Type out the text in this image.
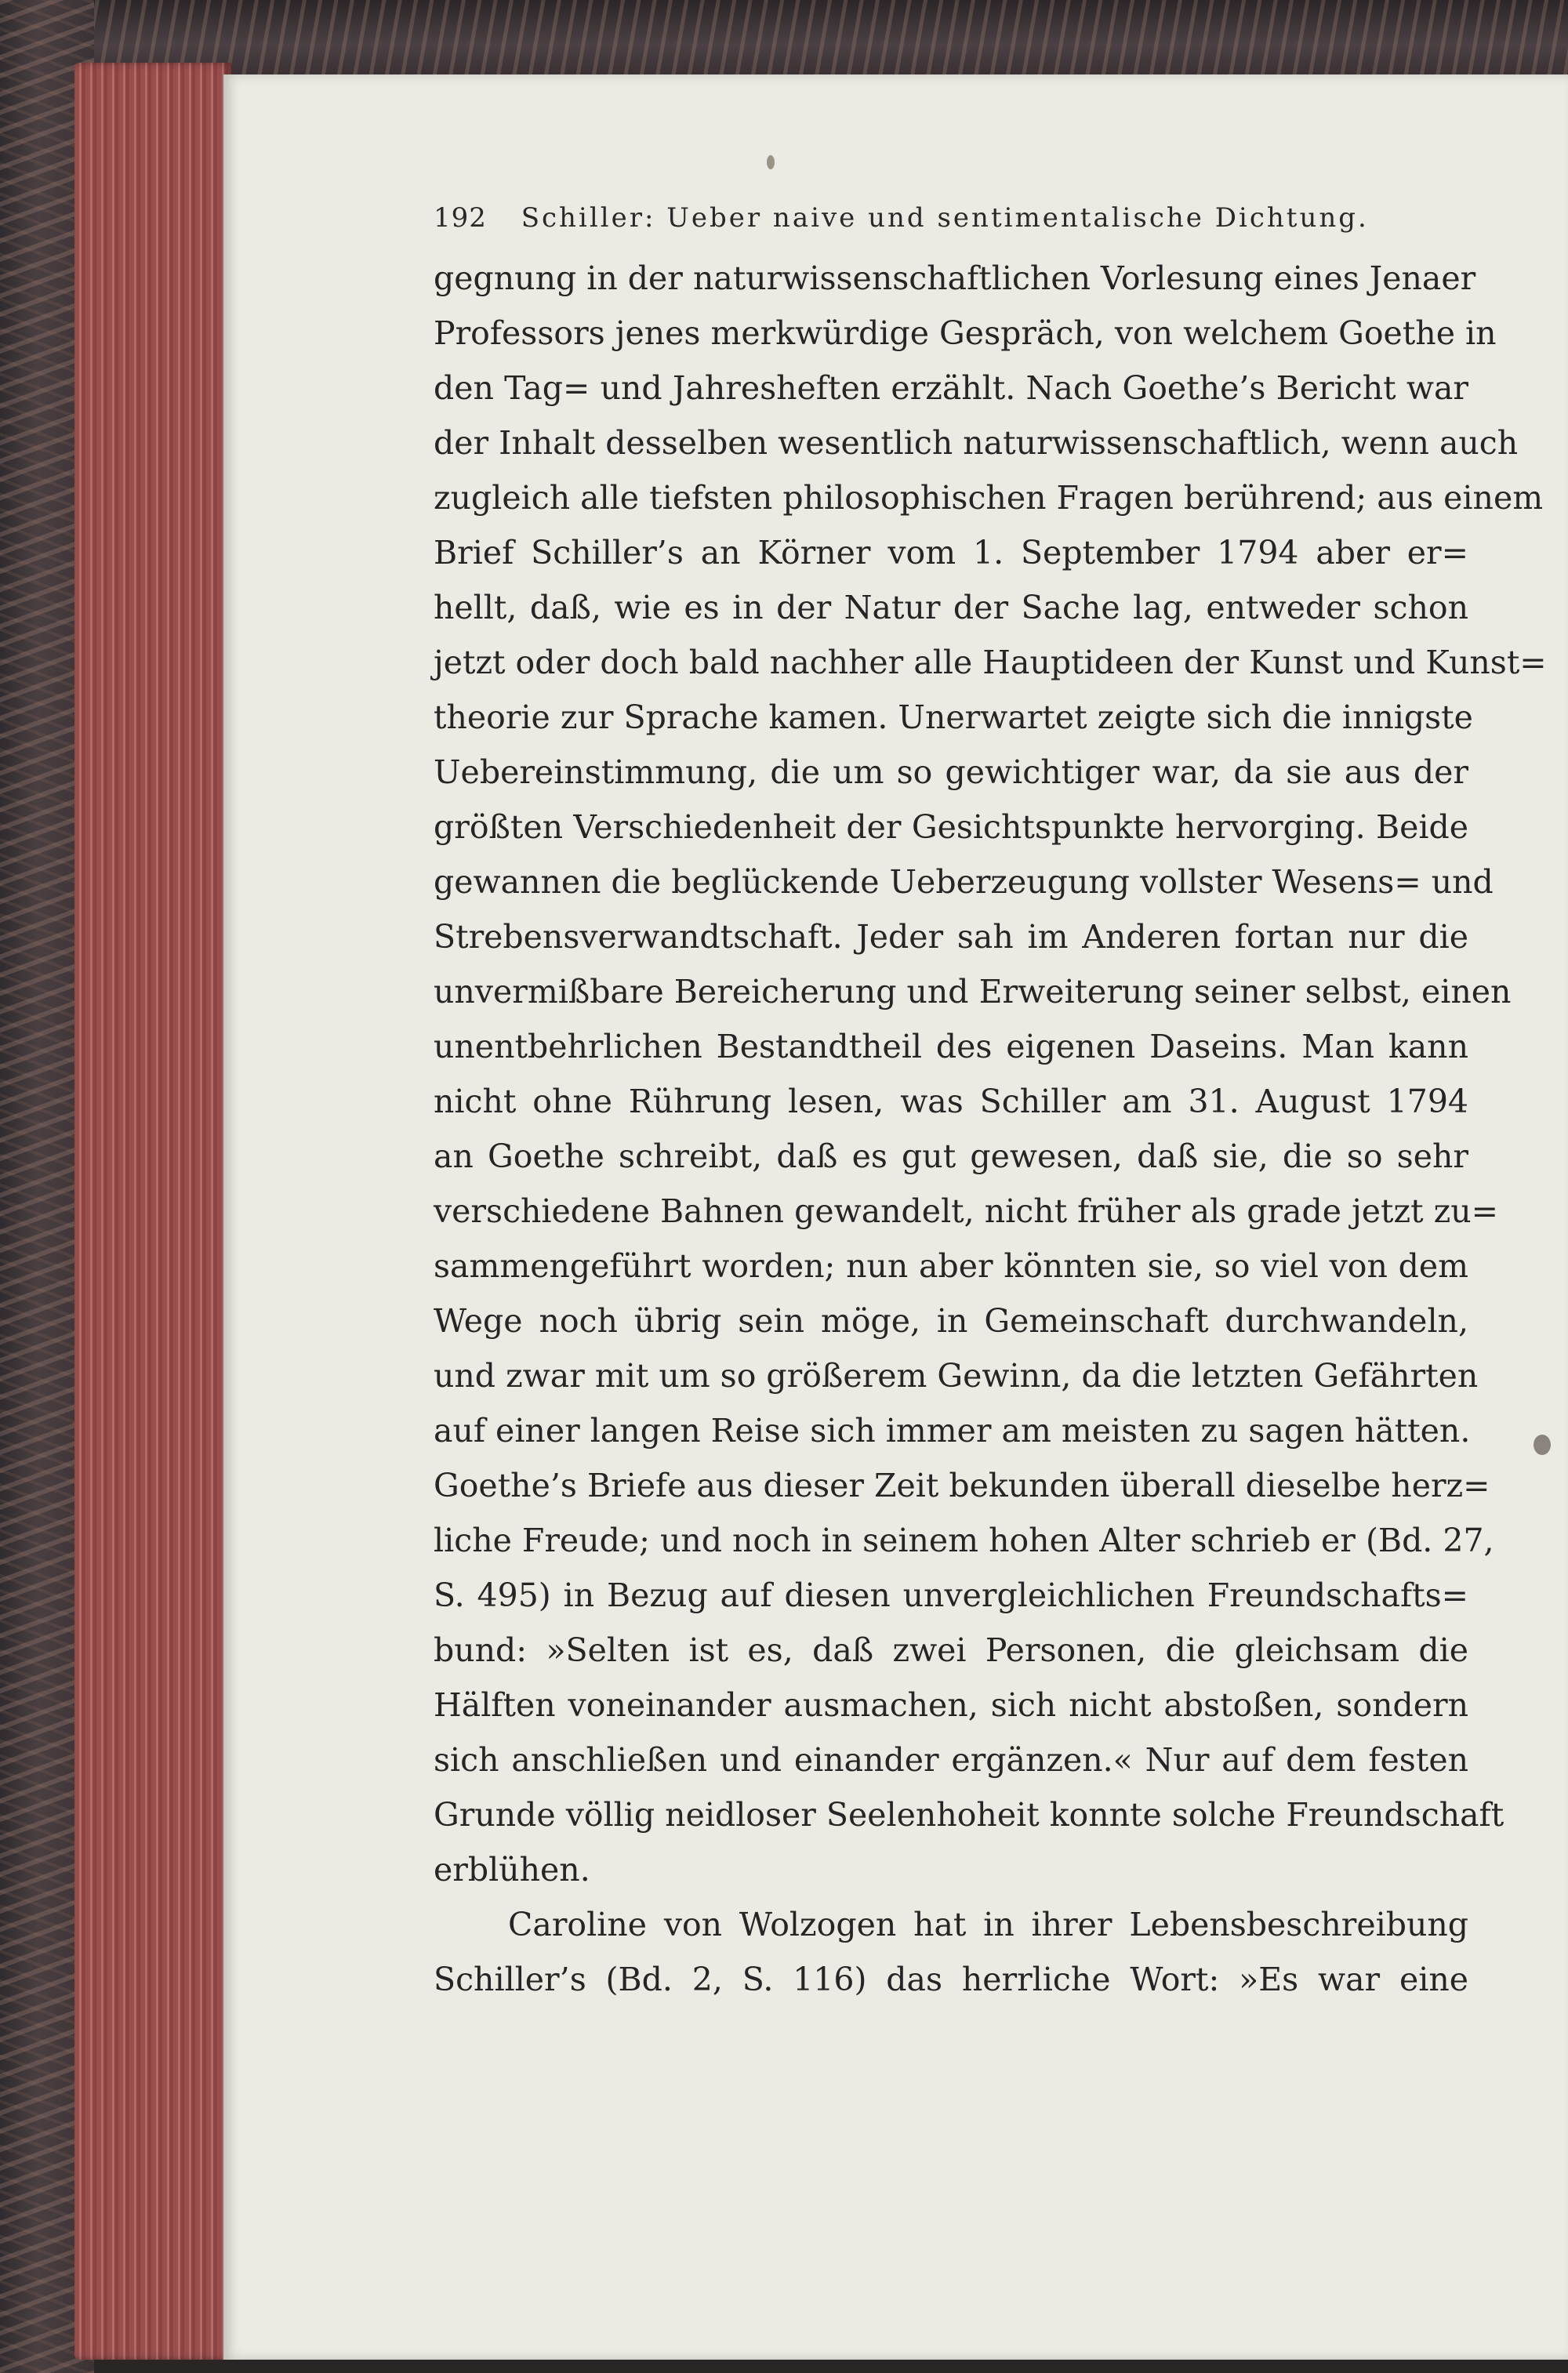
192 Schiller: Ueber naive und sentimentalische Dichtung.
gegnung in der naturwissenschaftlichen Vorlesung eines Jenaer
Professors jenes merkwürdige Gespräch, von welchem Goethe in
den Tag= und Jahresheften erzählt. Nach Goethe’s Bericht war
der Inhalt desselben wesentlich naturwissenschaftlich, wenn auch
zugleich alle tiefsten philosophischen Fragen berührend; aus einem
Brief Schiller’s an Körner vom 1. September 1794 aber er=
hellt, daß, wie es in der Natur der Sache lag, entweder schon
jetzt oder doch bald nachher alle Hauptideen der Kunst und Kunst=
theorie zur Sprache kamen. Unerwartet zeigte sich die innigste
Uebereinstimmung, die um so gewichtiger war, da sie aus der
größten Verschiedenheit der Gesichtspunkte hervorging. Beide
gewannen die beglückende Ueberzeugung vollster Wesens= und
Strebensverwandtschaft. Jeder sah im Anderen fortan nur die
unvermißbare Bereicherung und Erweiterung seiner selbst, einen
unentbehrlichen Bestandtheil des eigenen Daseins. Man kann
nicht ohne Rührung lesen, was Schiller am 31. August 1794
an Goethe schreibt, daß es gut gewesen, daß sie, die so sehr
verschiedene Bahnen gewandelt, nicht früher als grade jetzt zu=
sammengeführt worden; nun aber könnten sie, so viel von dem
Wege noch übrig sein möge, in Gemeinschaft durchwandeln,
und zwar mit um so größerem Gewinn, da die letzten Gefährten
auf einer langen Reise sich immer am meisten zu sagen hätten.
Goethe’s Briefe aus dieser Zeit bekunden überall dieselbe herz=
liche Freude; und noch in seinem hohen Alter schrieb er (Bd. 27,
S. 495) in Bezug auf diesen unvergleichlichen Freundschafts=
bund: »Selten ist es, daß zwei Personen, die gleichsam die
Hälften voneinander ausmachen, sich nicht abstoßen, sondern
sich anschließen und einander ergänzen.« Nur auf dem festen
Grunde völlig neidloser Seelenhoheit konnte solche Freundschaft
erblühen.
Caroline von Wolzogen hat in ihrer Lebensbeschreibung
Schiller’s (Bd. 2, S. 116) das herrliche Wort: »Es war eine
